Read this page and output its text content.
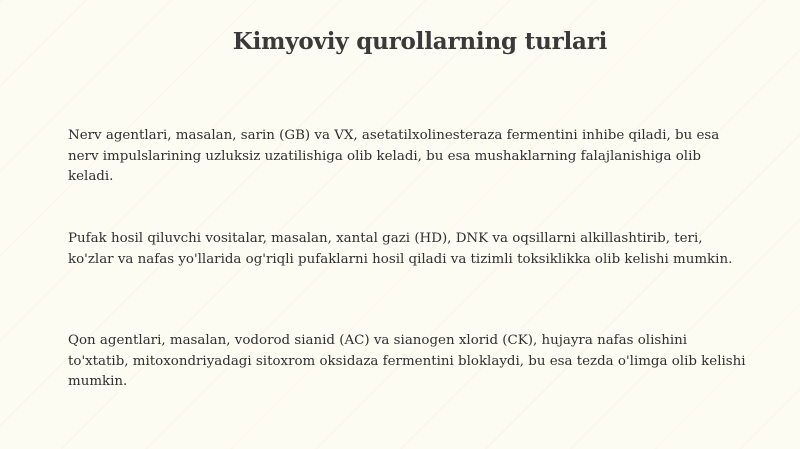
Kimyoviy qurollarning turlari

Nerv agentlari, masalan, sarin (GB) va VX, asetatilxolinesteraza fermentini inhibe qiladi, bu esa nerv impulslarining uzluksiz uzatilishiga olib keladi, bu esa mushaklarning falajlanishiga olib keladi.

Pufak hosil qiluvchi vositalar, masalan, xantal gazi (HD), DNK va oqsillarni alkillashtirib, teri, ko'zlar va nafas yo'llarida og'riqli pufaklarni hosil qiladi va tizimli toksiklikka olib kelishi mumkin.

Qon agentlari, masalan, vodorod sianid (AC) va sianogen xlorid (CK), hujayra nafas olishini to'xtatib, mitoxondriyadagi sitoxrom oksidaza fermentini bloklaydi, bu esa tezda o'limga olib kelishi mumkin.
